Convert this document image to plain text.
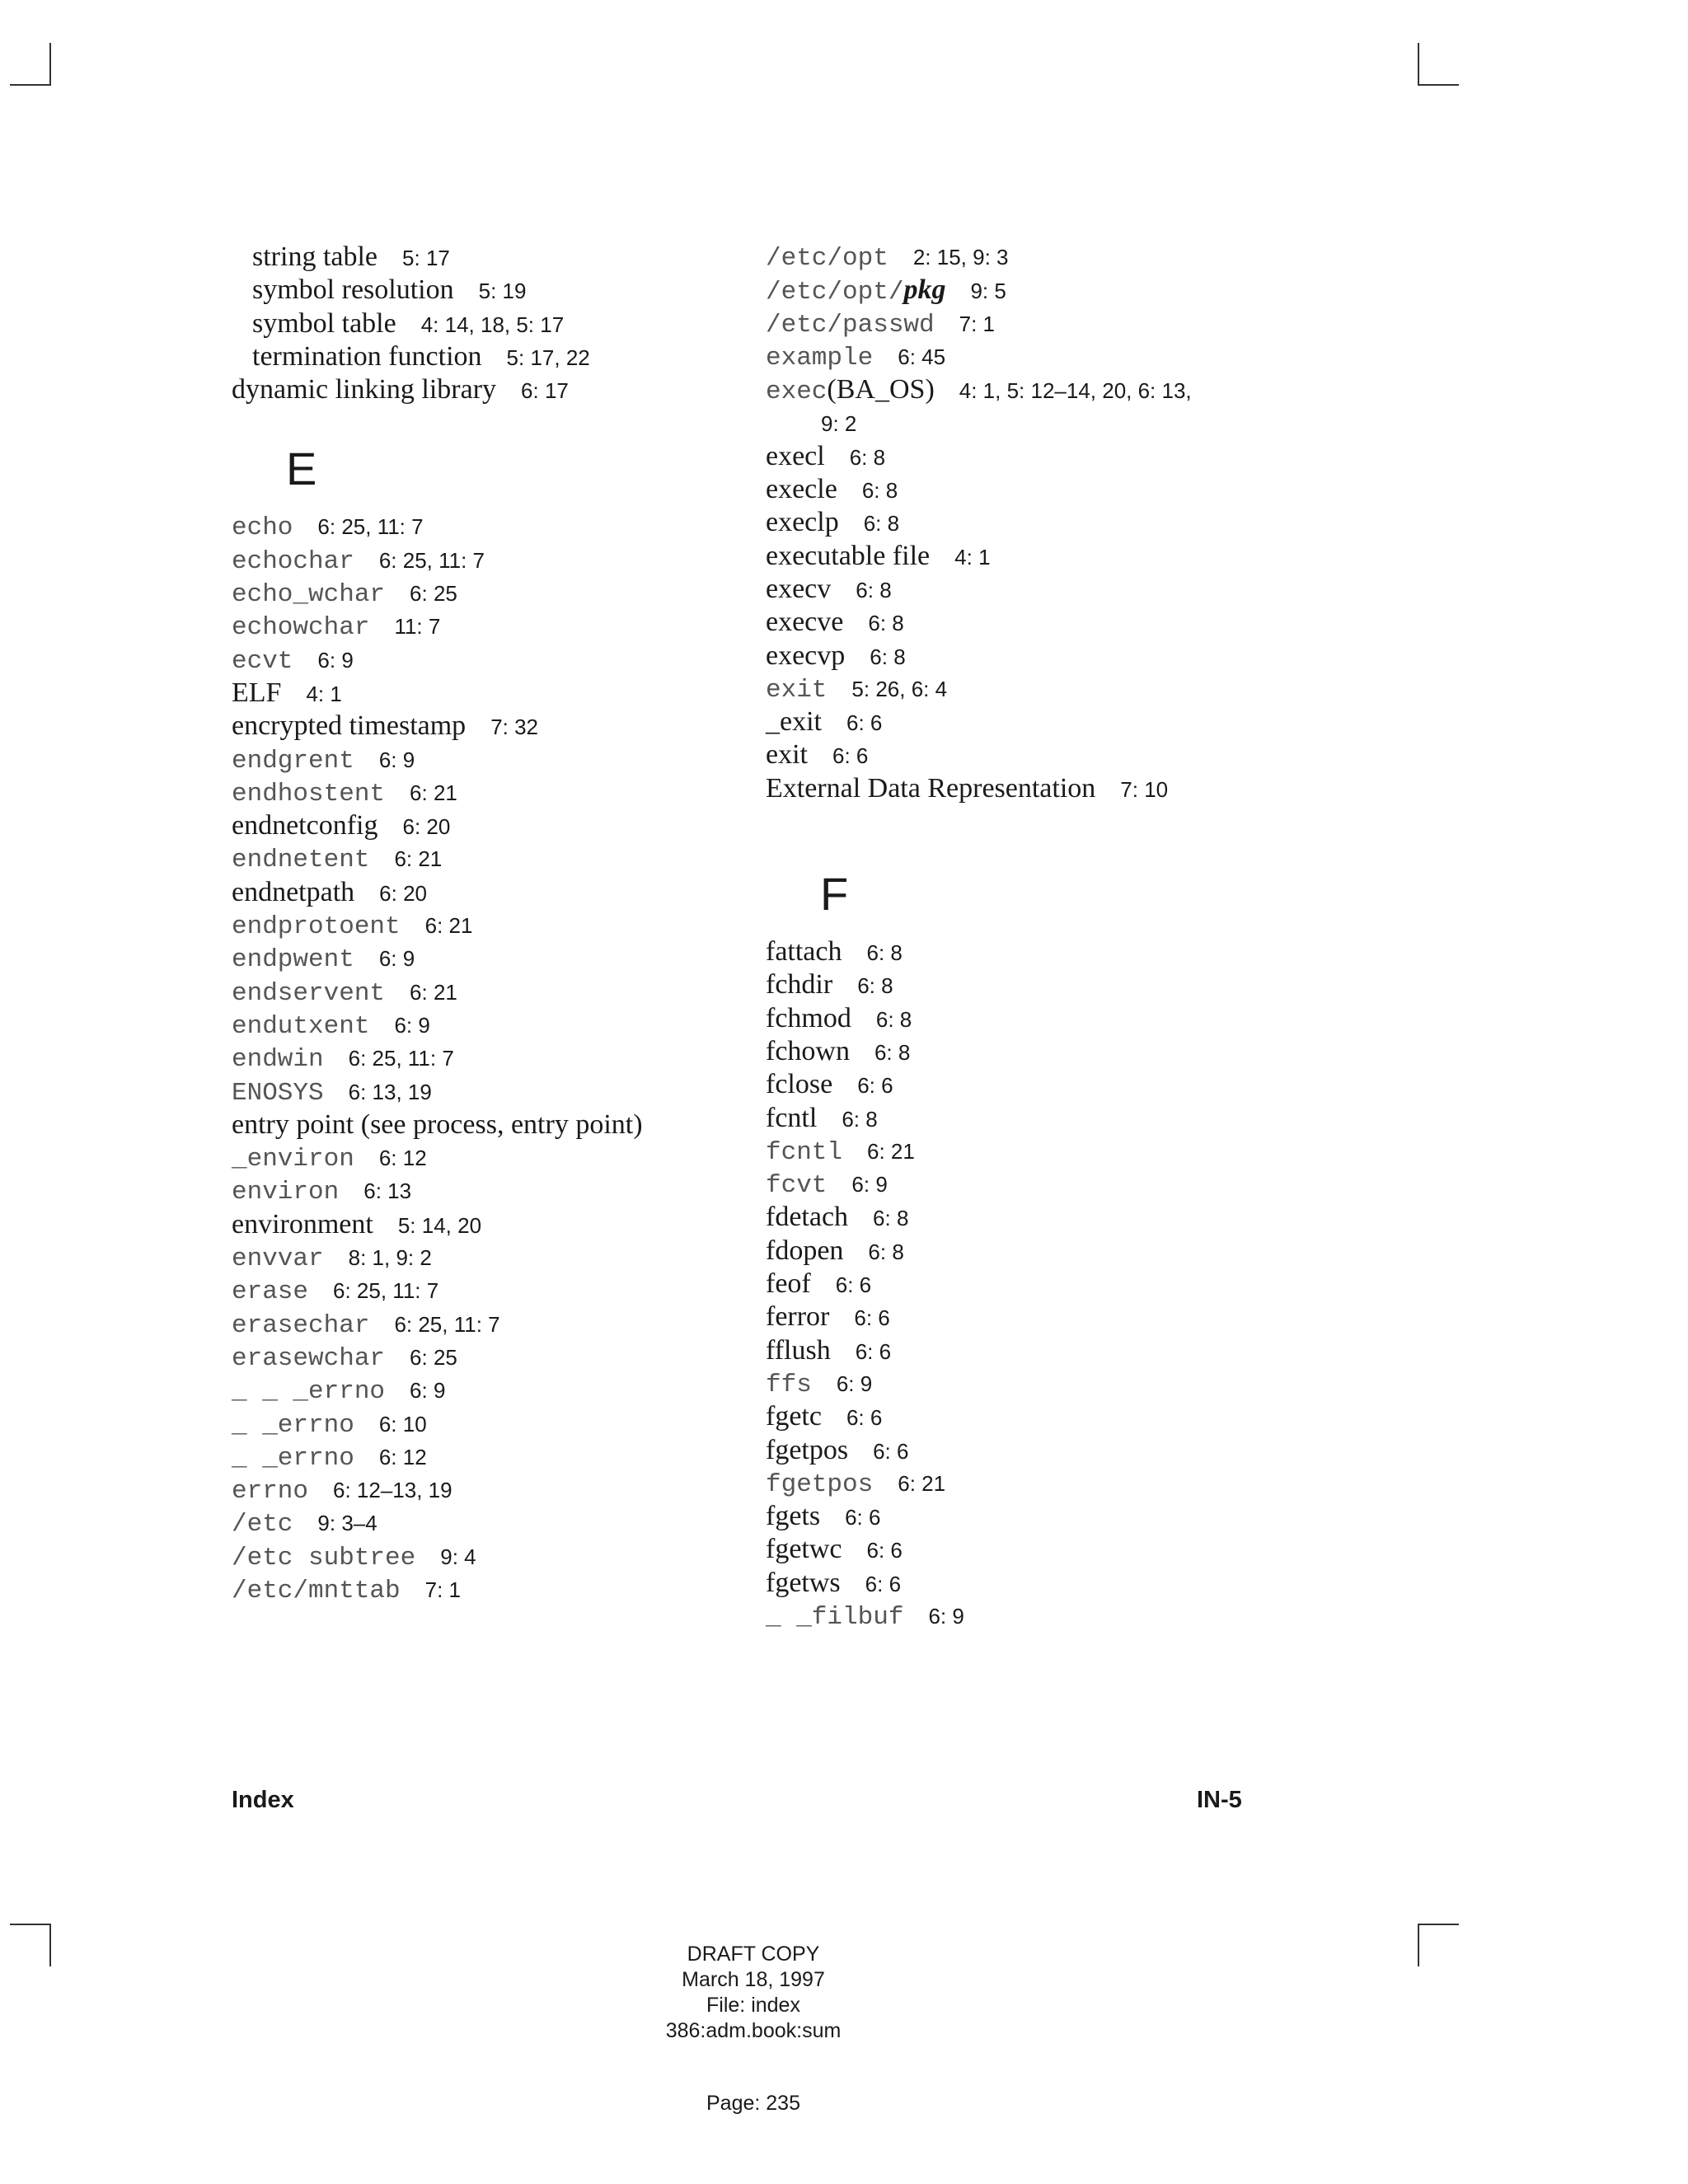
string table 5: 17
symbol resolution 5: 19
symbol table 4: 14, 18, 5: 17
termination function 5: 17, 22
dynamic linking library 6: 17
E
echo 6: 25, 11: 7
echochar 6: 25, 11: 7
echo_wchar 6: 25
echowchar 11: 7
ecvt 6: 9
ELF 4: 1
encrypted timestamp 7: 32
endgrent 6: 9
endhostent 6: 21
endnetconfig 6: 20
endnetent 6: 21
endnetpath 6: 20
endprotoent 6: 21
endpwent 6: 9
endservent 6: 21
endutxent 6: 9
endwin 6: 25, 11: 7
ENOSYS 6: 13, 19
entry point (see process, entry point)
_environ 6: 12
environ 6: 13
environment 5: 14, 20
envvar 8: 1, 9: 2
erase 6: 25, 11: 7
erasechar 6: 25, 11: 7
erasewchar 6: 25
_ _ _errno 6: 9
_ _errno 6: 10
_ _errno 6: 12
errno 6: 12–13, 19
/etc 9: 3–4
/etc subtree 9: 4
/etc/mnttab 7: 1
/etc/opt 2: 15, 9: 3
/etc/opt/pkg 9: 5
/etc/passwd 7: 1
example 6: 45
exec(BA_OS) 4: 1, 5: 12–14, 20, 6: 13,
9: 2
execl 6: 8
execle 6: 8
execlp 6: 8
executable file 4: 1
execv 6: 8
execve 6: 8
execvp 6: 8
exit 5: 26, 6: 4
_exit 6: 6
exit 6: 6
External Data Representation 7: 10
F
fattach 6: 8
fchdir 6: 8
fchmod 6: 8
fchown 6: 8
fclose 6: 6
fcntl 6: 8
fcntl 6: 21
fcvt 6: 9
fdetach 6: 8
fdopen 6: 8
feof 6: 6
ferror 6: 6
fflush 6: 6
ffs 6: 9
fgetc 6: 6
fgetpos 6: 6
fgetpos 6: 21
fgets 6: 6
fgetwc 6: 6
fgetws 6: 6
_ _filbuf 6: 9
Index	IN-5
DRAFT COPY
March 18, 1997
File: index
386:adm.book:sum
Page: 235
